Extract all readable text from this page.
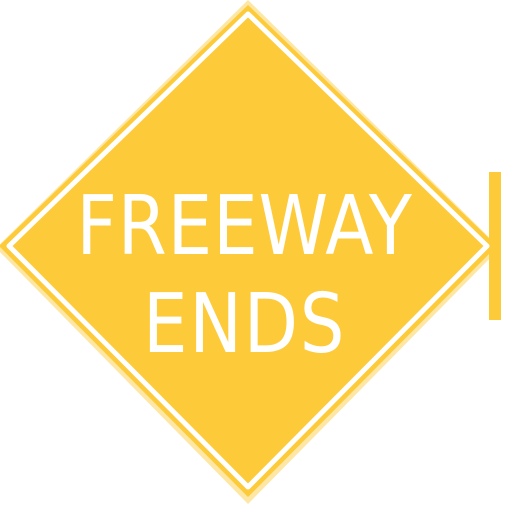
FREEWAY
ENDS
